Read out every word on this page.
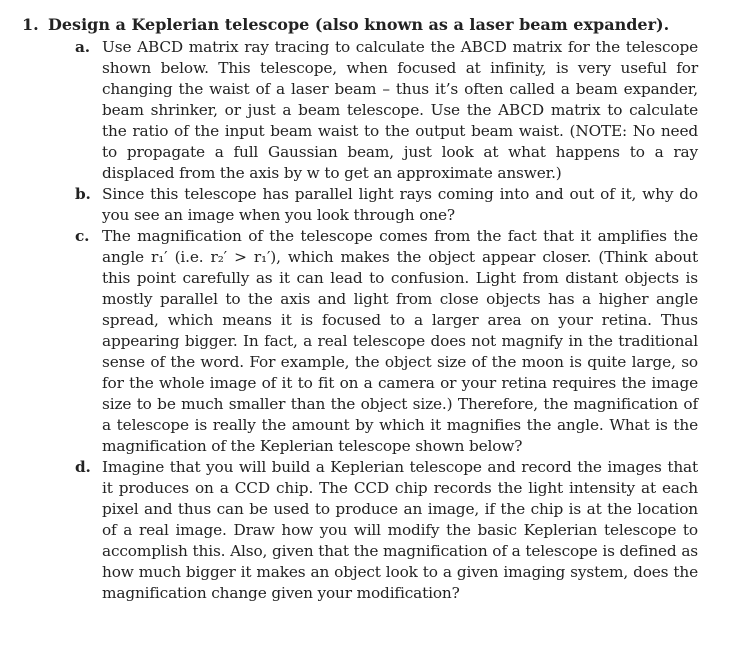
1. Design a Keplerian telescope (also known as a laser beam expander).
a. Use ABCD matrix ray tracing to calculate the ABCD matrix for the telescope shown below. This telescope, when focused at infinity, is very useful for changing the waist of a laser beam – thus it’s often called a beam expander, beam shrinker, or just a beam telescope. Use the ABCD matrix to calculate the ratio of the input beam waist to the output beam waist. (NOTE: No need to propagate a full Gaussian beam, just look at what happens to a ray displaced from the axis by w to get an approximate answer.)
b. Since this telescope has parallel light rays coming into and out of it, why do you see an image when you look through one?
c. The magnification of the telescope comes from the fact that it amplifies the angle r₁′ (i.e. r₂′ > r₁′), which makes the object appear closer. (Think about this point carefully as it can lead to confusion. Light from distant objects is mostly parallel to the axis and light from close objects has a higher angle spread, which means it is focused to a larger area on your retina. Thus appearing bigger. In fact, a real telescope does not magnify in the traditional sense of the word. For example, the object size of the moon is quite large, so for the whole image of it to fit on a camera or your retina requires the image size to be much smaller than the object size.) Therefore, the magnification of a telescope is really the amount by which it magnifies the angle. What is the magnification of the Keplerian telescope shown below?
d. Imagine that you will build a Keplerian telescope and record the images that it produces on a CCD chip. The CCD chip records the light intensity at each pixel and thus can be used to produce an image, if the chip is at the location of a real image. Draw how you will modify the basic Keplerian telescope to accomplish this. Also, given that the magnification of a telescope is defined as how much bigger it makes an object look to a given imaging system, does the magnification change given your modification?
